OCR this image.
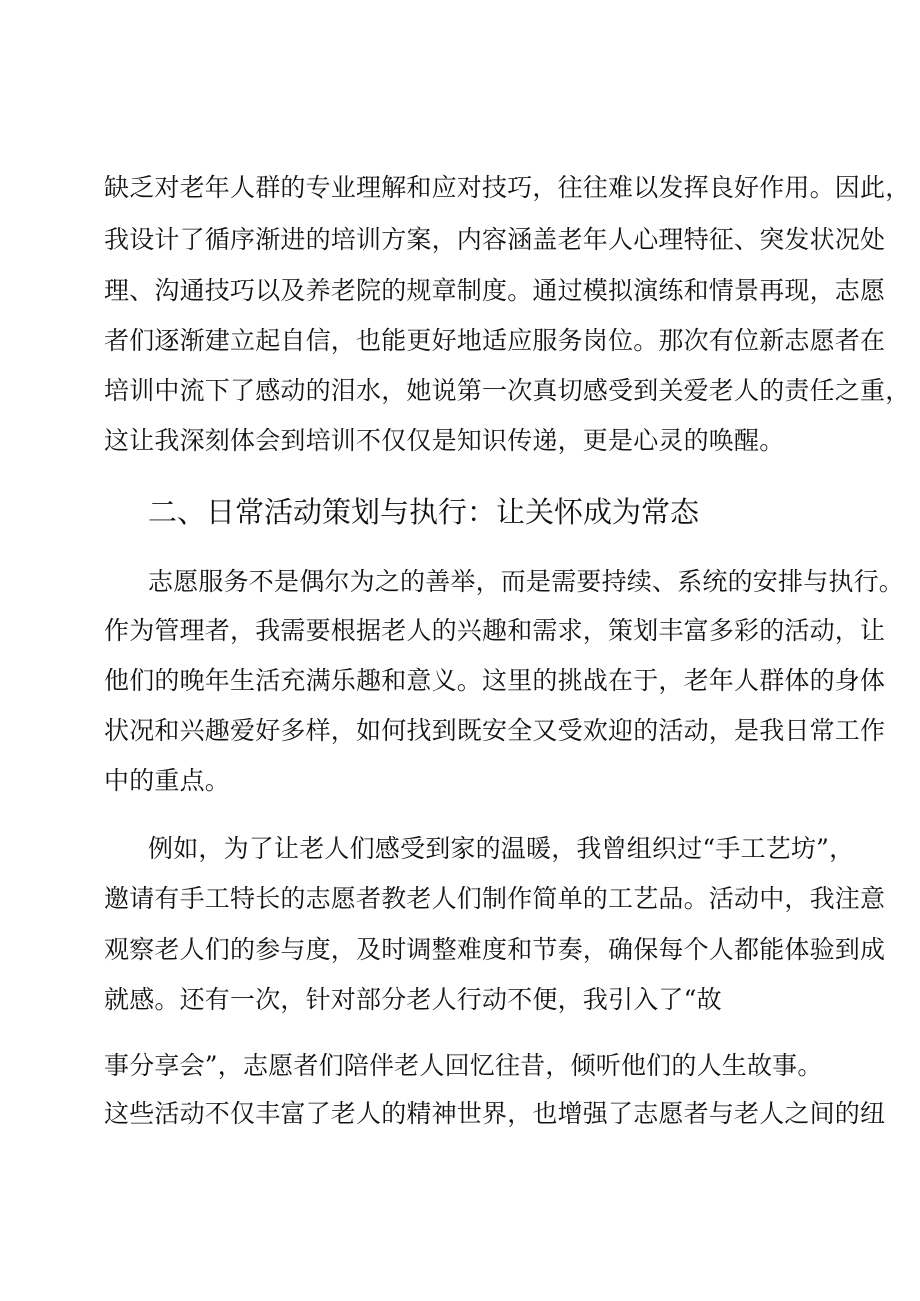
缺乏对老年人群的专业理解和应对技巧，往往难以发挥良好作用。因此，
我设计了循序渐进的培训方案，内容涵盖老年人心理特征、突发状况处
理、沟通技巧以及养老院的规章制度。通过模拟演练和情景再现，志愿
者们逐渐建立起自信，也能更好地适应服务岗位。那次有位新志愿者在
培训中流下了感动的泪水，她说第一次真切感受到关爱老人的责任之重，
这让我深刻体会到培训不仅仅是知识传递，更是心灵的唤醒。
二、日常活动策划与执行：让关怀成为常态
志愿服务不是偶尔为之的善举，而是需要持续、系统的安排与执行。
作为管理者，我需要根据老人的兴趣和需求，策划丰富多彩的活动，让
他们的晚年生活充满乐趣和意义。这里的挑战在于，老年人群体的身体
状况和兴趣爱好多样，如何找到既安全又受欢迎的活动，是我日常工作
中的重点。
例如，为了让老人们感受到家的温暖，我曾组织过“手工艺坊”，
邀请有手工特长的志愿者教老人们制作简单的工艺品。活动中，我注意
观察老人们的参与度，及时调整难度和节奏，确保每个人都能体验到成
就感。还有一次，针对部分老人行动不便，我引入了“故
事分享会”，志愿者们陪伴老人回忆往昔，倾听他们的人生故事。
这些活动不仅丰富了老人的精神世界，也增强了志愿者与老人之间的纽
